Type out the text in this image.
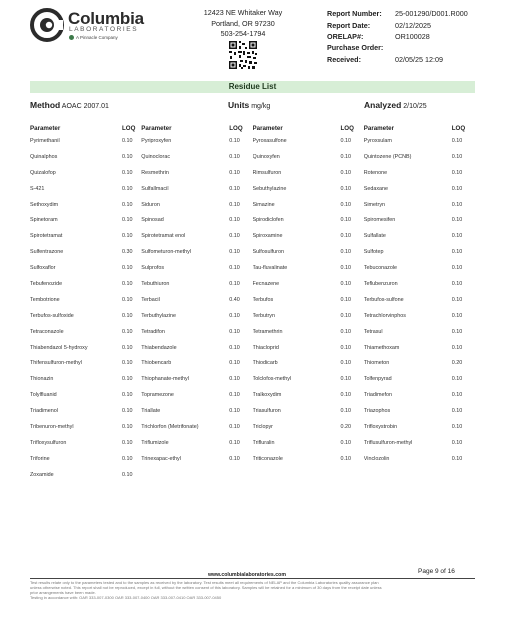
Columbia
LABORATORIES
A Pinnacle Company
12423 NE Whitaker Way
Portland, OR 97230
503-254-1794
Report Number:	25-001290/D001.R000
Report Date:	02/12/2025
ORELAP#:	OR100028
Purchase Order:
Received:	02/05/25 12:09
Residue List
Method AOAC 2007.01	Units mg/kg	Analyzed 2/10/25
Parameter	LOQ
Pyrimethanil	0.10
Quinalphos	0.10
Quizalofop	0.10
S-421	0.10
Sethoxydim	0.10
Spinetoram	0.10
Spirotetramat	0.10
Sulfentrazone	0.30
Sulfoxaflor	0.10
Tebufenozide	0.10
Tembotrione	0.10
Terbufos-sulfoxide	0.10
Tetraconazole	0.10
Thiabendazol 5-hydroxy	0.10
Thifensulfuron-methyl	0.10
Thionazin	0.10
Tolylfluanid	0.10
Triadimenol	0.10
Tribenuron-methyl	0.10
Trifloxysulfuron	0.10
Triforine	0.10
Zoxamide	0.10
Parameter	LOQ
Pyriproxyfen	0.10
Quinoclorac	0.10
Resmethrin	0.10
Sulfallmacil	0.10
Siduron	0.10
Spinosad	0.10
Spirotetramat enol	0.10
Sulfometuron-methyl	0.10
Sulprofos	0.10
Tebuthiuron	0.10
Terbacil	0.40
Terbuthylazine	0.10
Tetradifon	0.10
Thiabendazole	0.10
Thiobencarb	0.10
Thiophanate-methyl	0.10
Topramezone	0.10
Triallate	0.10
Trichlorfon (Metrifonate)	0.10
Triflumizole	0.10
Trinexapac-ethyl	0.10
Parameter	LOQ
Pyroxasulfone	0.10
Quinoxyfen	0.10
Rimsulfuron	0.10
Sebuthylazine	0.10
Simazine	0.10
Spirodiclofen	0.10
Spiroxamine	0.10
Sulfosulfuron	0.10
Tau-fluvalinate	0.10
Fecnazene	0.10
Terbufos	0.10
Terbutryn	0.10
Tetramethrin	0.10
Thiacloprid	0.10
Thiodicarb	0.10
Tolclofos-methyl	0.10
Tralkoxydim	0.10
Triasulfuron	0.10
Triclopyr	0.20
Trifluralin	0.10
Triticonazole	0.10
Parameter	LOQ
Pyroxsulam	0.10
Quintozene (PCNB)	0.10
Rotenone	0.10
Sedaxane	0.10
Simetryn	0.10
Spiromesifen	0.10
Sulfallate	0.10
Sulfotep	0.10
Tebuconazole	0.10
Teflubenzuron	0.10
Terbufos-sulfone	0.10
Tetrachlorvinphos	0.10
Tetrasul	0.10
Thiamethoxam	0.10
Thiometon	0.20
Tolfenpyrad	0.10
Triadimefon	0.10
Triazophos	0.10
Trifloxystrobin	0.10
Triflusulfuron-methyl	0.10
Vinclozolin	0.10
www.columbialaboratories.com	Page 9 of 16
Test results relate only to the parameters tested and to the samples as received by the laboratory. Test results meet all requirements of NELAP and the Columbia Laboratories quality assurance plan
unless otherwise noted. This report shall not be reproduced, except in full, without the written consent of this laboratory. Samples will be retained for a minimum of 30 days from the receipt date unless
prior arrangements have been made.
Testing in accordance with: OAR 333-007-0300 OAR 333-007-0400 OAR 333-007-0410 OAR 333-007-0450
